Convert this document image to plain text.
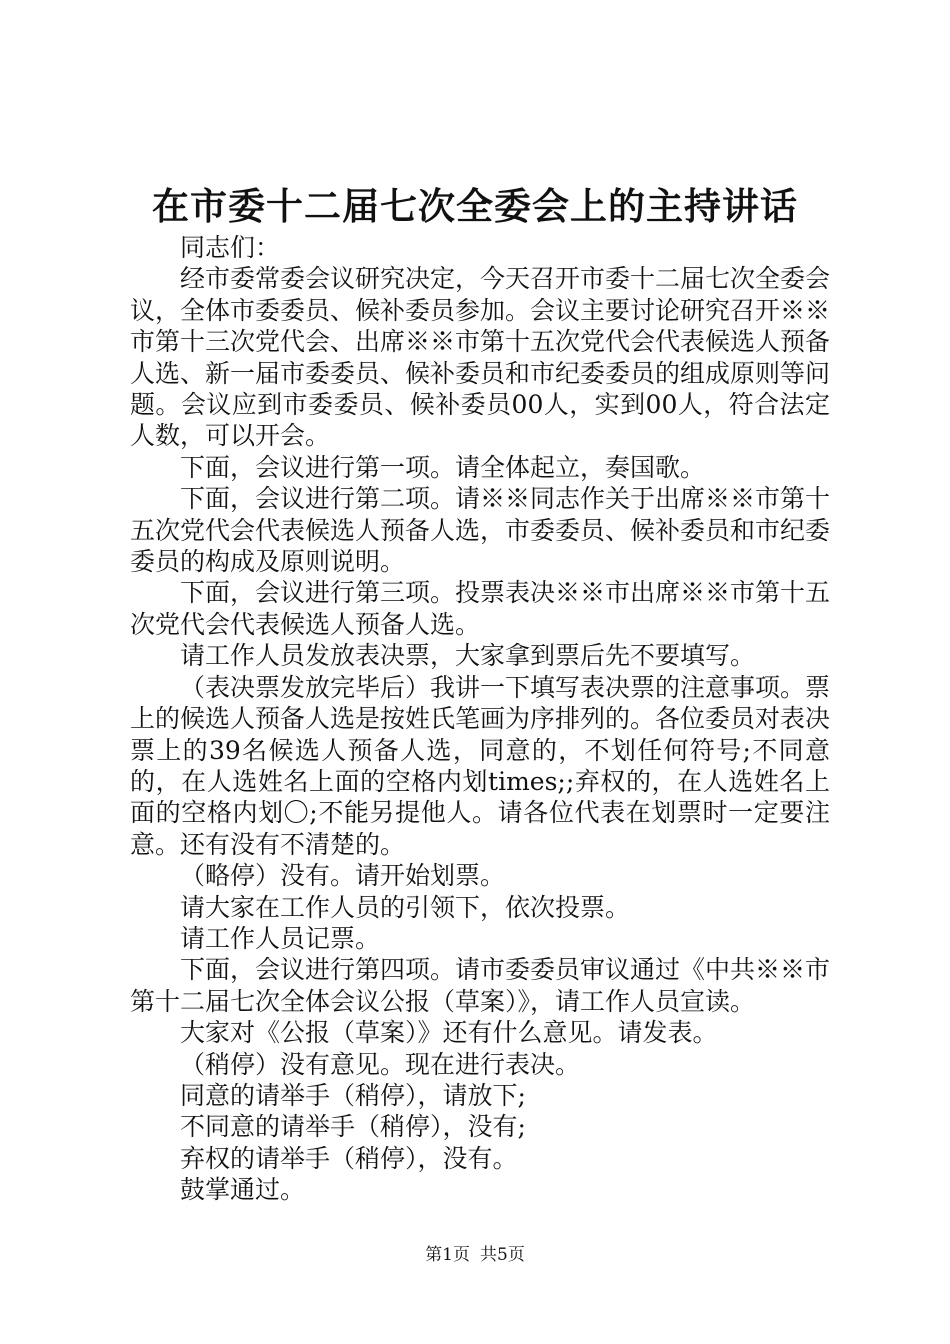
在市委十二届七次全委会上的主持讲话

同志们：

经市委常委会议研究决定，今天召开市委十二届七次全委会议，全体市委委员、候补委员参加。会议主要讨论研究召开※※市第十三次党代会、出席※※市第十五次党代会代表候选人预备人选、新一届市委委员、候补委员和市纪委委员的组成原则等问题。会议应到市委委员、候补委员00人，实到00人，符合法定人数，可以开会。

下面，会议进行第一项。请全体起立，奏国歌。

下面，会议进行第二项。请※※同志作关于出席※※市第十五次党代会代表候选人预备人选，市委委员、候补委员和市纪委委员的构成及原则说明。

下面，会议进行第三项。投票表决※※市出席※※市第十五次党代会代表候选人预备人选。

请工作人员发放表决票，大家拿到票后先不要填写。

（表决票发放完毕后）我讲一下填写表决票的注意事项。票上的候选人预备人选是按姓氏笔画为序排列的。各位委员对表决票上的39名候选人预备人选，同意的，不划任何符号;不同意的，在人选姓名上面的空格内划times;;弃权的，在人选姓名上面的空格内划〇;不能另提他人。请各位代表在划票时一定要注意。还有没有不清楚的。

（略停）没有。请开始划票。

请大家在工作人员的引领下，依次投票。

请工作人员记票。

下面，会议进行第四项。请市委委员审议通过《中共※※市第十二届七次全体会议公报（草案）》，请工作人员宣读。

大家对《公报（草案）》还有什么意见。请发表。

（稍停）没有意见。现在进行表决。

同意的请举手（稍停），请放下;

不同意的请举手（稍停），没有;

弃权的请举手（稍停），没有。

鼓掌通过。

第1页 共5页
